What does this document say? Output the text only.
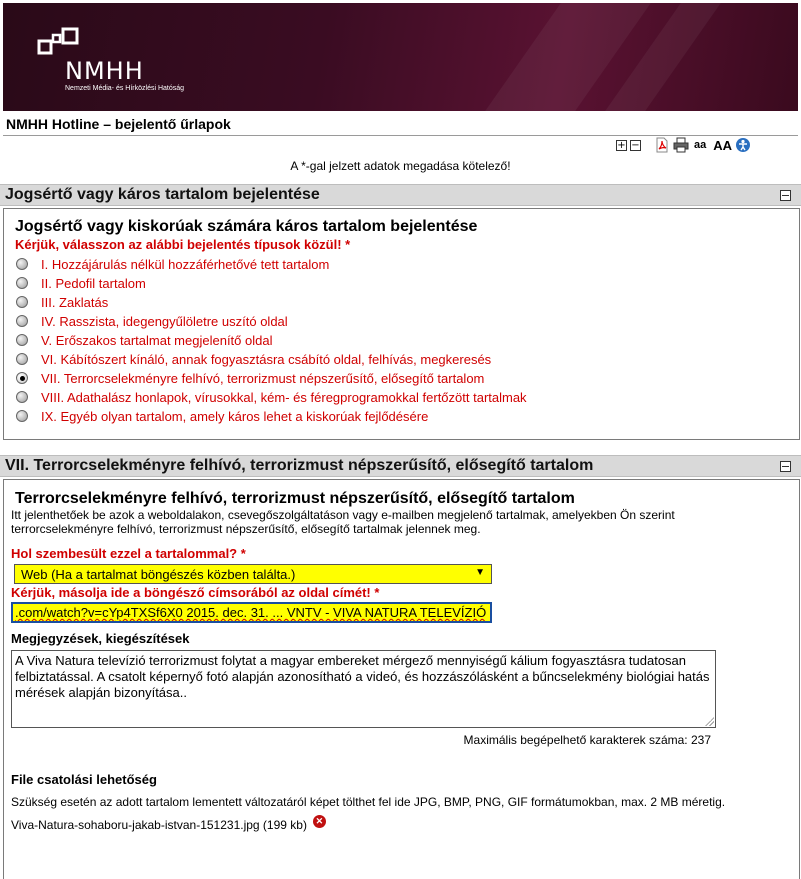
NMHH
Nemzeti Média- és Hírközlési Hatóság
NMHH Hotline – bejelentő űrlapok
+ −	aa AA
A *-gal jelzett adatok megadása kötelező!
Jogsértő vagy káros tartalom bejelentése
Jogsértő vagy kiskorúak számára káros tartalom bejelentése
Kérjük, válasszon az alábbi bejelentés típusok közül! *
I. Hozzájárulás nélkül hozzáférhetővé tett tartalom
II. Pedofil tartalom
III. Zaklatás
IV. Rasszista, idegengyűlöletre uszító oldal
V. Erőszakos tartalmat megjelenítő oldal
VI. Kábítószert kínáló, annak fogyasztásra csábító oldal, felhívás, megkeresés
VII. Terrorcselekményre felhívó, terrorizmust népszerűsítő, elősegítő tartalom
VIII. Adathalász honlapok, vírusokkal, kém- és féregprogramokkal fertőzött tartalmak
IX. Egyéb olyan tartalom, amely káros lehet a kiskorúak fejlődésére
VII. Terrorcselekményre felhívó, terrorizmust népszerűsítő, elősegítő tartalom
Terrorcselekményre felhívó, terrorizmust népszerűsítő, elősegítő tartalom
Itt jelenthetőek be azok a weboldalakon, csevegőszolgáltatáson vagy e-mailben megjelenő tartalmak, amelyekben Ön szerint terrorcselekményre felhívó, terrorizmust népszerűsítő, elősegítő tartalmak jelennek meg.
Hol szembesült ezzel a tartalommal? *
Web (Ha a tartalmat böngészés közben találta.)	▼
Kérjük, másolja ide a böngésző címsorából az oldal címét! *
.com/watch?v=cYp4TXSf6X0 2015. dec. 31. ... VNTV - VIVA NATURA TELEVÍZIÓ
Megjegyzések, kiegészítések
A Viva Natura televízió terrorizmust folytat a magyar embereket mérgező mennyiségű kálium fogyasztásra tudatosan felbiztatással. A csatolt képernyő fotó alapján azonosítható a videó, és hozzászólásként a bűncselekmény biológiai hatás mérések alapján bizonyítása..
Maximális begépelhető karakterek száma: 237
File csatolási lehetőség
Szükség esetén az adott tartalom lementett változatáról képet tölthet fel ide JPG, BMP, PNG, GIF formátumokban, max. 2 MB méretig.
Viva-Natura-sohaboru-jakab-istvan-151231.jpg (199 kb) ✕
